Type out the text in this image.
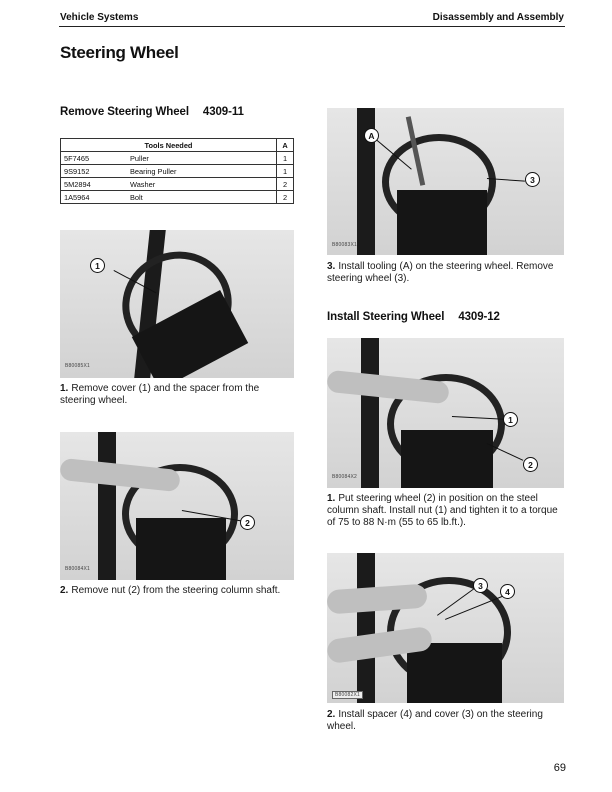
Vehicle Systems	Disassembly and Assembly
Steering Wheel
Remove Steering Wheel 4309-11
Tools Needed		A
5F7465	Puller	1
9S9152	Bearing Puller	1
5M2894	Washer	2
1A5964	Bolt	2
B80085X1
1
1. Remove cover (1) and the spacer from the steering wheel.
B80084X1
2
2. Remove nut (2) from the steering column shaft.
B80083X1
A
3
3. Install tooling (A) on the steering wheel. Remove steering wheel (3).
Install Steering Wheel 4309-12
B80084X2
1
2
1. Put steering wheel (2) in position on the steel column shaft. Install nut (1) and tighten it to a torque of 75 to 88 N·m (55 to 65 lb.ft.).
B80082X1
3
4
2. Install spacer (4) and cover (3) on the steering wheel.
69
